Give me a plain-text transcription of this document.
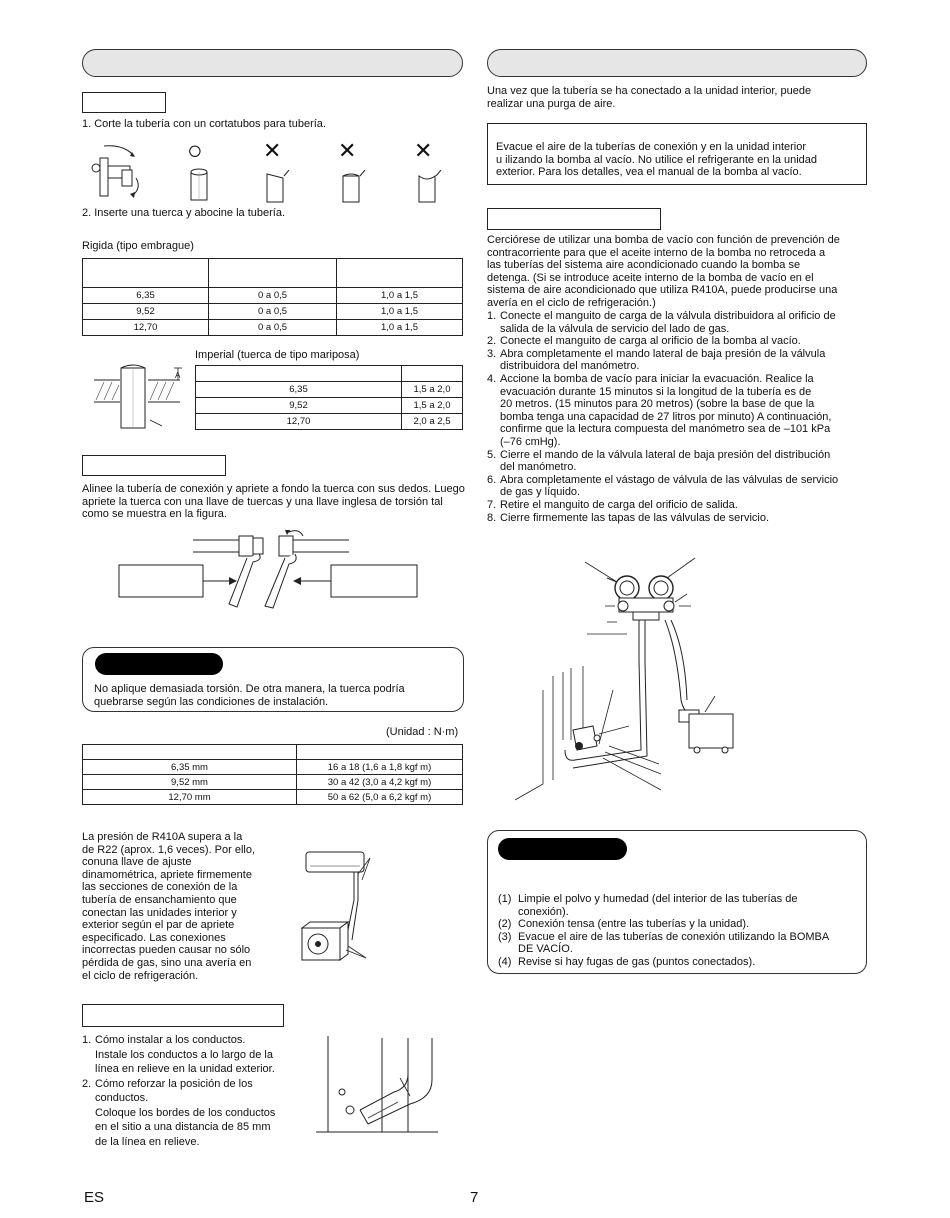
1. Corte la tubería con un cortatubos para tubería.
○	✕	✕	✕
2. Inserte una tuerca y abocine la tubería.
Rigida (tipo embrague)

6,35	0 a 0,5	1,0 a 1,5
9,52	0 a 0,5	1,0 a 1,5
12,70	0 a 0,5	1,0 a 1,5
A
Imperial (tuerca de tipo mariposa)

6,35	1,5 a 2,0
9,52	1,5 a 2,0
12,70	2,0 a 2,5
Alinee la tubería de conexión y apriete a fondo la tuerca con sus dedos. Luego apriete la tuerca con una llave de tuercas y una llave inglesa de torsión tal como se muestra en la figura.
No aplique demasiada torsión. De otra manera, la tuerca podría quebrarse según las condiciones de instalación.
(Unidad : N·m)

6,35 mm	16 a 18 (1,6 a 1,8 kgf m)
9,52 mm	30 a 42 (3,0 a 4,2 kgf m)
12,70 mm	50 a 62 (5,0 a 6,2 kgf m)
La presión de R410A supera a la
de R22 (aprox. 1,6 veces). Por ello,
conuna llave de ajuste
dinamométrica, apriete firmemente
las secciones de conexión de la
tubería de ensanchamiento que
conectan las unidades interior y
exterior según el par de apriete
especificado. Las conexiones
incorrectas pueden causar no sólo
pérdida de gas, sino una avería en
el ciclo de refrigeración.
1. Cómo instalar a los conductos.
Instale los conductos a lo largo de la
línea en relieve en la unidad exterior.
2. Cómo reforzar la posición de los
conductos.
Coloque los bordes de los conductos
en el sitio a una distancia de 85 mm
de la línea en relieve.
Una vez que la tubería se ha conectado a la unidad interior, puede
realizar una purga de aire.
Evacue el aire de la tuberías de conexión y en la unidad interior
u ilizando la bomba al vacío. No utilice el refrigerante en la unidad
exterior. Para los detalles, vea el manual de la bomba al vacío.
Cerciórese de utilizar una bomba de vacío con función de prevención de
contracorriente para que el aceite interno de la bomba no retroceda a
las tuberías del sistema aire acondicionado cuando la bomba se
detenga. (Si se introduce aceite interno de la bomba de vacío en el
sistema de aire acondicionado que utiliza R410A, puede producirse una
avería en el ciclo de refrigeración.)
1. Conecte el manguito de carga de la válvula distribuidora al orificio de
salida de la válvula de servicio del lado de gas.
2. Conecte el manguito de carga al orificio de la bomba al vacío.
3. Abra completamente el mando lateral de baja presión de la válvula
distribuidora del manómetro.
4. Accione la bomba de vacío para iniciar la evacuación. Realice la
evacuación durante 15 minutos si la longitud de la tubería es de
20 metros. (15 minutos para 20 metros) (sobre la base de que la
bomba tenga una capacidad de 27 litros por minuto) A continuación,
confirme que la lectura compuesta del manómetro sea de –101 kPa
(–76 cmHg).
5. Cierre el mando de la válvula lateral de baja presión del distribución
del manómetro.
6. Abra completamente el vástago de válvula de las válvulas de servicio
de gas y líquido.
7. Retire el manguito de carga del orificio de salida.
8. Cierre firmemente las tapas de las válvulas de servicio.
(1) Limpie el polvo y humedad (del interior de las tuberías de
conexión).
(2) Conexión tensa (entre las tuberías y la unidad).
(3) Evacue el aire de las tuberías de conexión utilizando la BOMBA
DE VACÍO.
(4) Revise si hay fugas de gas (puntos conectados).
ES	7
